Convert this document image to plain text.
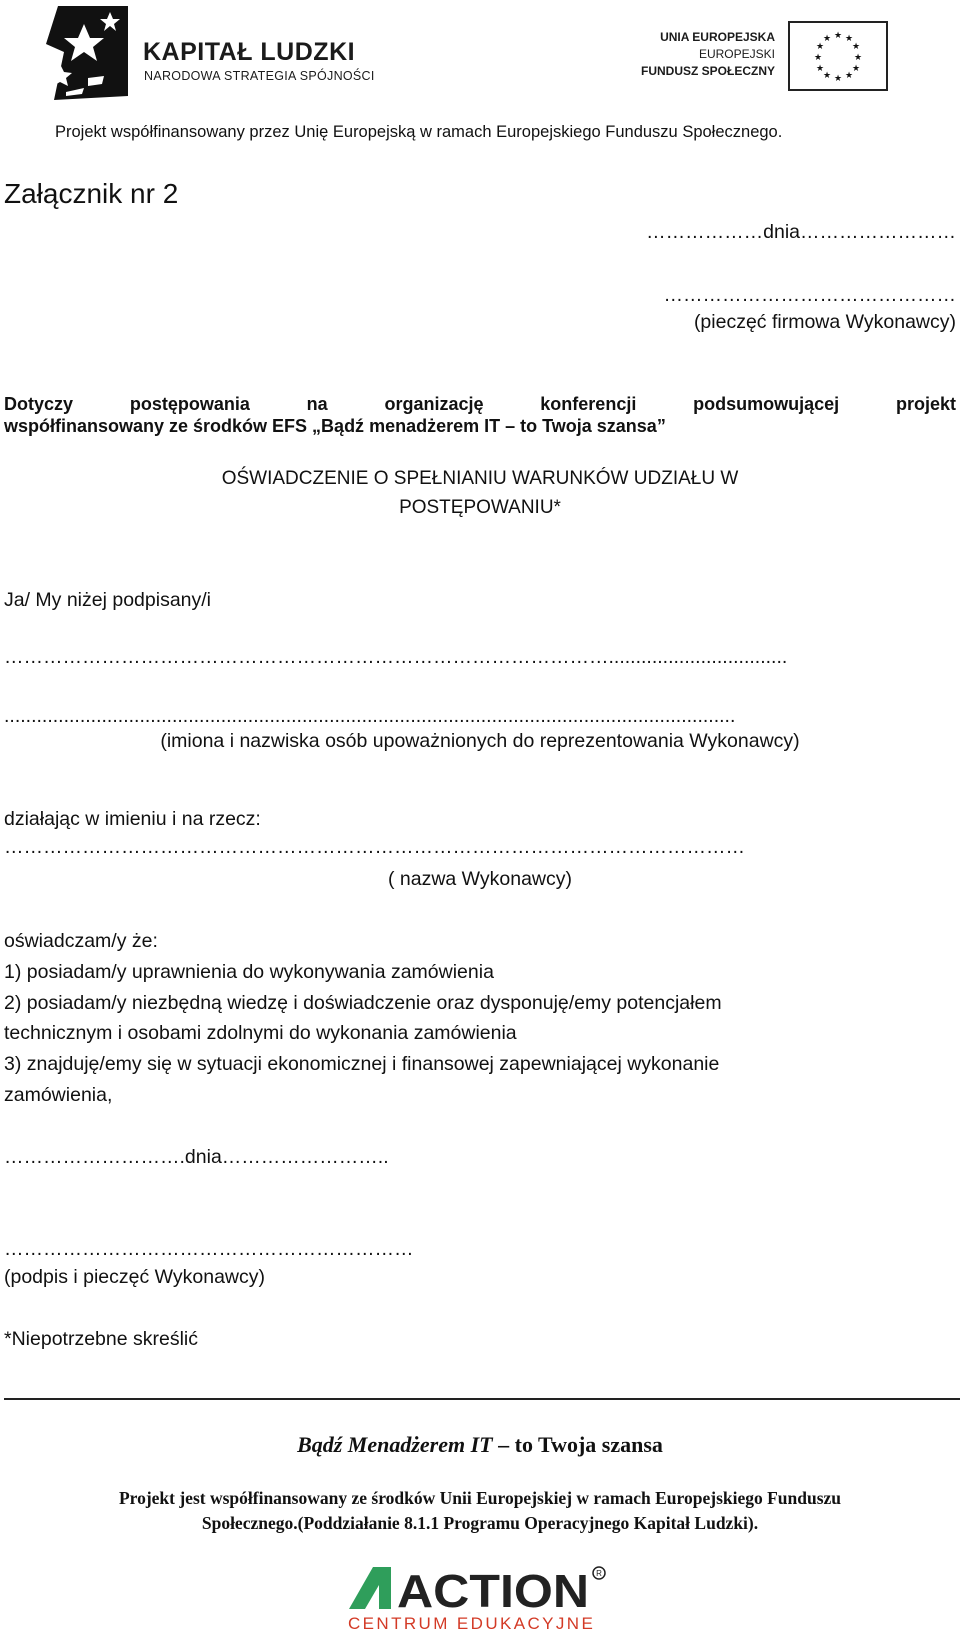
KAPITAŁ LUDZKI
NARODOWA STRATEGIA SPÓJNOŚCI
UNIA EUROPEJSKA
EUROPEJSKI
FUNDUSZ SPOŁECZNY
★ ★
★
★
★
★
★
★
★
★
★
★
Projekt współfinansowany przez Unię Europejską w ramach Europejskiego Funduszu Społecznego.
Załącznik nr 2
………………dnia……………………
………………………………………
(pieczęć firmowa Wykonawcy)
Dotyczy	postępowania	na	organizację	konferencji	podsumowującej	projekt
współfinansowany ze środków EFS „Bądź menadżerem IT – to Twoja szansa”
OŚWIADCZENIE O SPEŁNIANIU WARUNKÓW UDZIAŁU W
POSTĘPOWANIU*
Ja/ My niżej podpisany/i
………………………………………………………………………………….................................
.......................................................................................................................................
(imiona i nazwiska osób upoważnionych do reprezentowania Wykonawcy)
działając w imieniu i na rzecz:
……………………………………………………………………………………………………
( nazwa Wykonawcy)
oświadczam/y że:
1) posiadam/y uprawnienia do wykonywania zamówienia
2) posiadam/y niezbędną wiedzę i doświadczenie oraz dysponuję/emy potencjałem
technicznym i osobami zdolnymi do wykonania zamówienia
3) znajduję/emy się w sytuacji ekonomicznej i finansowej zapewniającej wykonanie
zamówienia,
……………………….dnia……………………..
………………………………………………………
(podpis i pieczęć Wykonawcy)
*Niepotrzebne skreślić
Bądź Menadżerem IT – to Twoja szansa
Projekt jest współfinansowany ze środków Unii Europejskiej w ramach Europejskiego Funduszu
Społecznego.(Poddziałanie 8.1.1 Programu Operacyjnego Kapitał Ludzki).
ACTION R
CENTRUM EDUKACYJNE
